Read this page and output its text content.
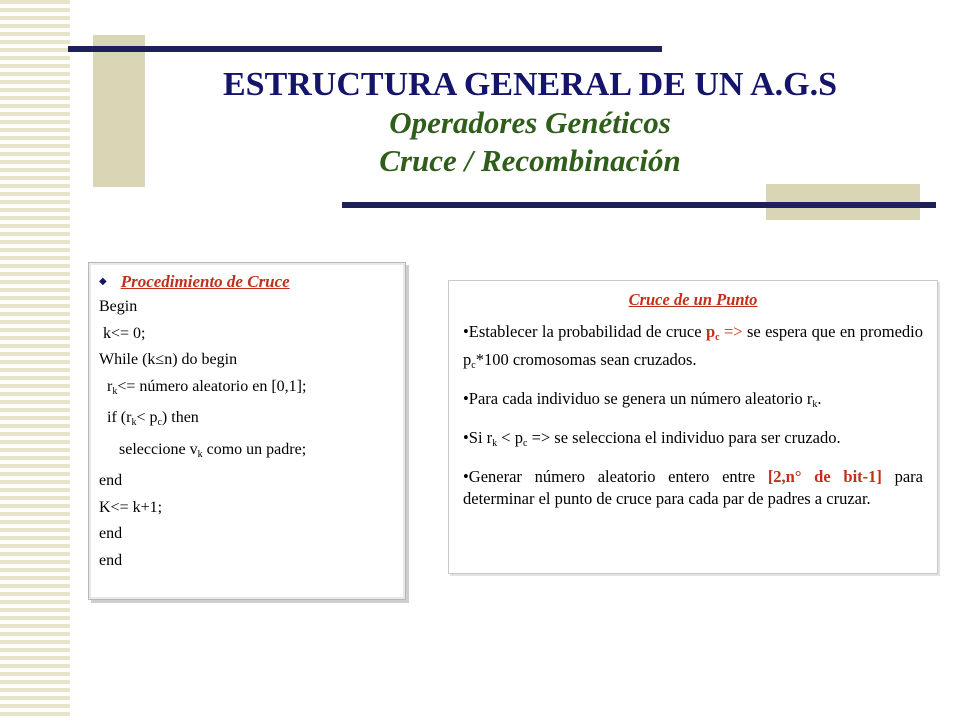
ESTRUCTURA GENERAL DE UN A.G.S
Operadores Genéticos
Cruce / Recombinación
◆ Procedimiento de Cruce
Begin
k<= 0;
While (k≤n) do begin
$r_k<=$ número aleatorio en [0,1];
if $(r_k< p_c)$ then
seleccione $v_k$ como un padre;
end
K<= k+1;
end
end
Cruce de un Punto
•Establecer la probabilidad de cruce $p_c$ => se espera que en promedio $p_c*100$ cromosomas sean cruzados.
•Para cada individuo se genera un número aleatorio $r_k$.
•Si $r_k < p_c$ => se selecciona el individuo para ser cruzado.
•Generar número aleatorio entero entre [2,n° de bit-1] para determinar el punto de cruce para cada par de padres a cruzar.
